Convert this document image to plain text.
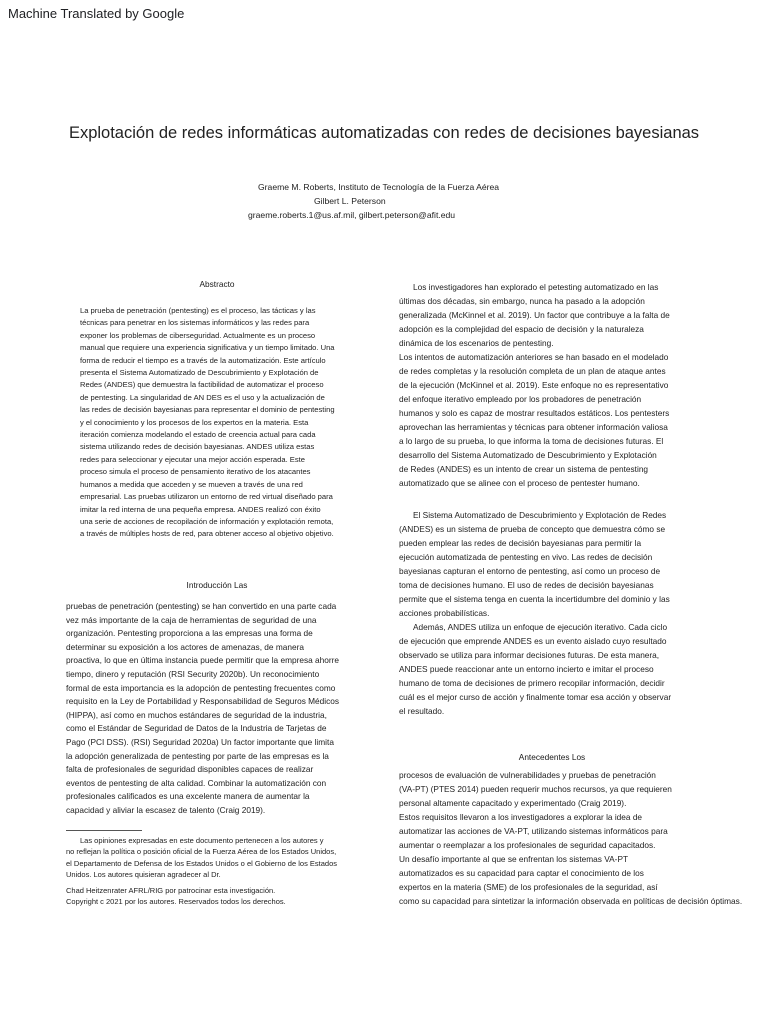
Machine Translated by Google
Explotación de redes informáticas automatizadas con redes de decisiones bayesianas
Graeme M. Roberts, Instituto de Tecnología de la Fuerza Aérea
Gilbert L. Peterson
graeme.roberts.1@us.af.mil, gilbert.peterson@afit.edu
Abstracto
La prueba de penetración (pentesting) es el proceso, las tácticas y las
técnicas para penetrar en los sistemas informáticos y las redes para
exponer los problemas de ciberseguridad. Actualmente es un proceso
manual que requiere una experiencia significativa y un tiempo limitado. Una
forma de reducir el tiempo es a través de la automatización. Este artículo
presenta el Sistema Automatizado de Descubrimiento y Explotación de
Redes (ANDES) que demuestra la factibilidad de automatizar el proceso
de pentesting. La singularidad de AN DES es el uso y la actualización de
las redes de decisión bayesianas para representar el dominio de pentesting
y el conocimiento y los procesos de los expertos en la materia. Esta
iteración comienza modelando el estado de creencia actual para cada
sistema utilizando redes de decisión bayesianas. ANDES utiliza estas
redes para seleccionar y ejecutar una mejor acción esperada. Este
proceso simula el proceso de pensamiento iterativo de los atacantes
humanos a medida que acceden y se mueven a través de una red
empresarial. Las pruebas utilizaron un entorno de red virtual diseñado para
imitar la red interna de una pequeña empresa. ANDES realizó con éxito
una serie de acciones de recopilación de información y explotación remota,
a través de múltiples hosts de red, para obtener acceso al objetivo objetivo.
Introducción Las
pruebas de penetración (pentesting) se han convertido en una parte cada
vez más importante de la caja de herramientas de seguridad de una
organización. Pentesting proporciona a las empresas una forma de
determinar su exposición a los actores de amenazas, de manera
proactiva, lo que en última instancia puede permitir que la empresa ahorre
tiempo, dinero y reputación (RSI Security 2020b). Un reconocimiento
formal de esta importancia es la adopción de pentesting frecuentes como
requisito en la Ley de Portabilidad y Responsabilidad de Seguros Médicos
(HIPPA), así como en muchos estándares de seguridad de la industria,
como el Estándar de Seguridad de Datos de la Industria de Tarjetas de
Pago (PCI DSS). (RSI) Seguridad 2020a) Un factor importante que limita
la adopción generalizada de pentesting por parte de las empresas es la
falta de profesionales de seguridad disponibles capaces de realizar
eventos de pentesting de alta calidad. Combinar la automatización con
profesionales calificados es una excelente manera de aumentar la
capacidad y aliviar la escasez de talento (Craig 2019).
Las opiniones expresadas en este documento pertenecen a los autores y
no reflejan la política o posición oficial de la Fuerza Aérea de los Estados Unidos,
el Departamento de Defensa de los Estados Unidos o el Gobierno de los Estados
Unidos. Los autores quisieran agradecer al Dr.
Chad Heitzenrater AFRL/RIG por patrocinar esta investigación.
Copyright c 2021 por los autores. Reservados todos los derechos.
Los investigadores han explorado el petesting automatizado en las
últimas dos décadas, sin embargo, nunca ha pasado a la adopción
generalizada (McKinnel et al. 2019). Un factor que contribuye a la falta de
adopción es la complejidad del espacio de decisión y la naturaleza
dinámica de los escenarios de pentesting.
Los intentos de automatización anteriores se han basado en el modelado
de redes completas y la resolución completa de un plan de ataque antes
de la ejecución (McKinnel et al. 2019). Este enfoque no es representativo
del enfoque iterativo empleado por los probadores de penetración
humanos y solo es capaz de mostrar resultados estáticos. Los pentesters
aprovechan las herramientas y técnicas para obtener información valiosa
a lo largo de su prueba, lo que informa la toma de decisiones futuras. El
desarrollo del Sistema Automatizado de Descubrimiento y Explotación
de Redes (ANDES) es un intento de crear un sistema de pentesting
automatizado que se alinee con el proceso de pentester humano.
El Sistema Automatizado de Descubrimiento y Explotación de Redes
(ANDES) es un sistema de prueba de concepto que demuestra cómo se
pueden emplear las redes de decisión bayesianas para permitir la
ejecución automatizada de pentesting en vivo. Las redes de decisión
bayesianas capturan el entorno de pentesting, así como un proceso de
toma de decisiones humano. El uso de redes de decisión bayesianas
permite que el sistema tenga en cuenta la incertidumbre del dominio y las
acciones probabilísticas.
Además, ANDES utiliza un enfoque de ejecución iterativo. Cada ciclo
de ejecución que emprende ANDES es un evento aislado cuyo resultado
observado se utiliza para informar decisiones futuras. De esta manera,
ANDES puede reaccionar ante un entorno incierto e imitar el proceso
humano de toma de decisiones de primero recopilar información, decidir
cuál es el mejor curso de acción y finalmente tomar esa acción y observar
el resultado.
Antecedentes Los
procesos de evaluación de vulnerabilidades y pruebas de penetración
(VA-PT) (PTES 2014) pueden requerir muchos recursos, ya que requieren
personal altamente capacitado y experimentado (Craig 2019).
Estos requisitos llevaron a los investigadores a explorar la idea de
automatizar las acciones de VA-PT, utilizando sistemas informáticos para
aumentar o reemplazar a los profesionales de seguridad capacitados.
Un desafío importante al que se enfrentan los sistemas VA-PT
automatizados es su capacidad para captar el conocimiento de los
expertos en la materia (SME) de los profesionales de la seguridad, así
como su capacidad para sintetizar la información observada en políticas de decisión óptimas.
